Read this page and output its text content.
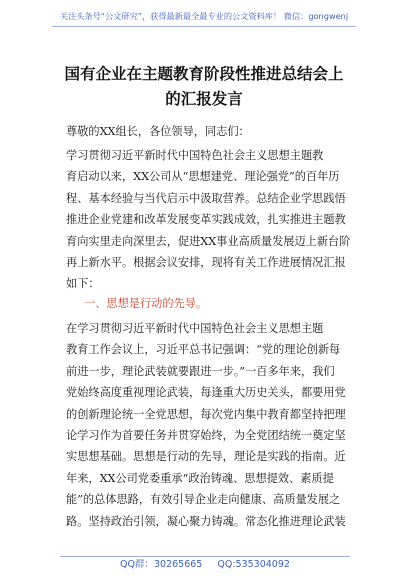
关注头条号“公文研究”，获得最新最全最专业的公文资料库！ 微信：gongwenj
国有企业在主题教育阶段性推进总结会上
的汇报发言
尊敬的XX组长，各位领导，同志们：
学习贯彻习近平新时代中国特色社会主义思想主题教
育启动以来，XX公司从“思想建党、理论强党”的百年历
程、基本经验与当代启示中汲取营养。总结企业学思践悟
推进企业党建和改革发展变革实践成效，扎实推进主题教
育向实里走向深里去，促进XX事业高质量发展迈上新台阶
再上新水平。根据会议安排，现将有关工作进展情况汇报
如下：
一、思想是行动的先导。
在学习贯彻习近平新时代中国特色社会主义思想主题
教育工作会议上，习近平总书记强调：“党的理论创新每
前进一步，理论武装就要跟进一步。”一百多年来，我们
党始终高度重视理论武装，每逢重大历史关头，都要用党
的创新理论统一全党思想，每次党内集中教育都坚持把理
论学习作为首要任务并贯穿始终，为全党团结统一奠定坚
实思想基础。思想是行动的先导，理论是实践的指南。近
年来，XX公司党委重承“政治铸魂、思想提效、素质提
能”的总体思路，有效引导企业走向健康、高质量发展之
路。坚持政治引领，凝心聚力铸魂。常态化推进理论武装
QQ群：30265665 QQ:535304092
